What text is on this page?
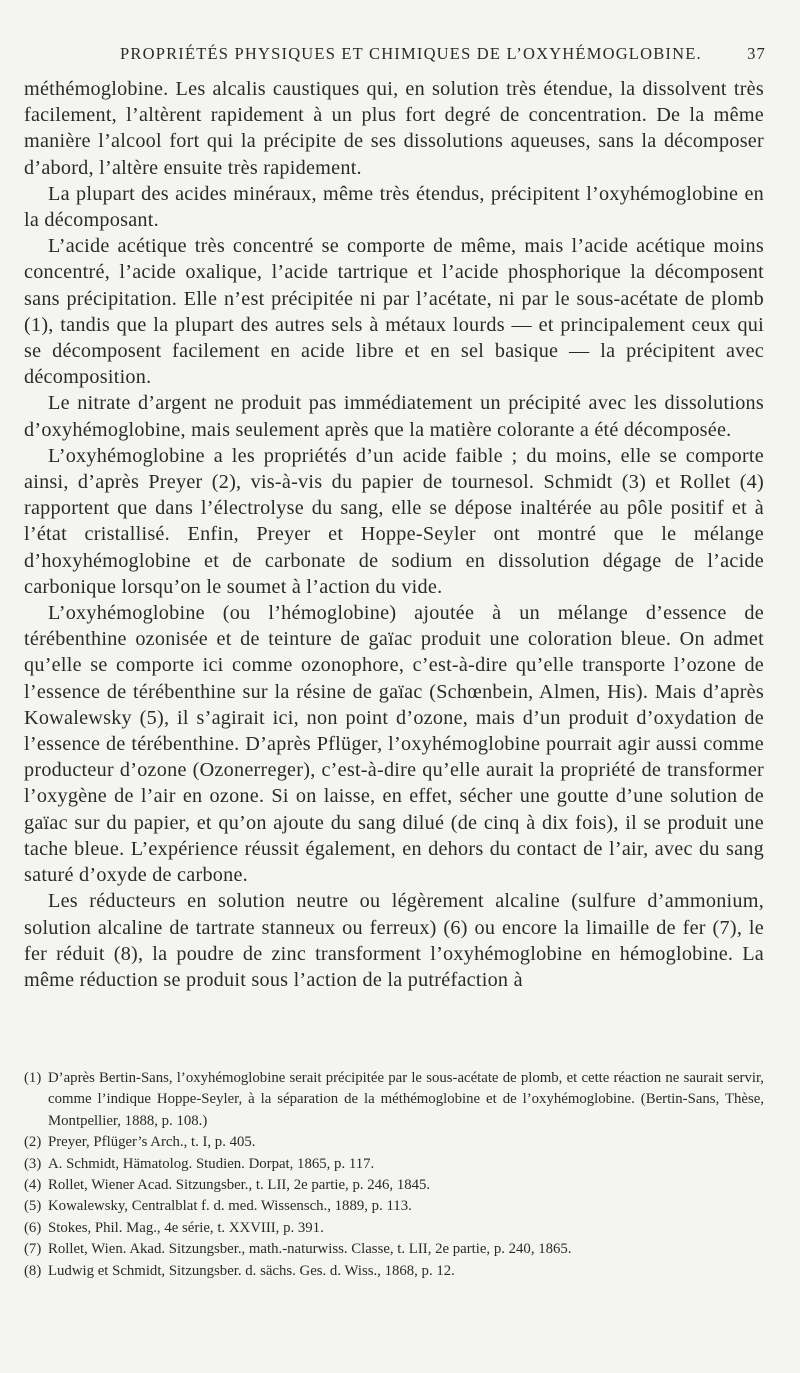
PROPRIÉTÉS PHYSIQUES ET CHIMIQUES DE L’OXYHÉMOGLOBINE.	37

méthémoglobine. Les alcalis caustiques qui, en solution très étendue, la dissolvent très facilement, l’altèrent rapidement à un plus fort degré de concentration. De la même manière l’alcool fort qui la précipite de ses dissolutions aqueuses, sans la décomposer d’abord, l’altère ensuite très rapidement.

La plupart des acides minéraux, même très étendus, précipitent l’oxyhémoglobine en la décomposant.

L’acide acétique très concentré se comporte de même, mais l’acide acétique moins concentré, l’acide oxalique, l’acide tartrique et l’acide phosphorique la décomposent sans précipitation. Elle n’est précipitée ni par l’acétate, ni par le sous-acétate de plomb (1), tandis que la plupart des autres sels à métaux lourds — et principalement ceux qui se décomposent facilement en acide libre et en sel basique — la précipitent avec décomposition.

Le nitrate d’argent ne produit pas immédiatement un précipité avec les dissolutions d’oxyhémoglobine, mais seulement après que la matière colorante a été décomposée.

L’oxyhémoglobine a les propriétés d’un acide faible ; du moins, elle se comporte ainsi, d’après Preyer (2), vis-à-vis du papier de tournesol. Schmidt (3) et Rollet (4) rapportent que dans l’électrolyse du sang, elle se dépose inaltérée au pôle positif et à l’état cristallisé. Enfin, Preyer et Hoppe-Seyler ont montré que le mélange d’hoxyhémoglobine et de carbonate de sodium en dissolution dégage de l’acide carbonique lorsqu’on le soumet à l’action du vide.

L’oxyhémoglobine (ou l’hémoglobine) ajoutée à un mélange d’essence de térébenthine ozonisée et de teinture de gaïac produit une coloration bleue. On admet qu’elle se comporte ici comme ozonophore, c’est-à-dire qu’elle transporte l’ozone de l’essence de térébenthine sur la résine de gaïac (Schœnbein, Almen, His). Mais d’après Kowalewsky (5), il s’agirait ici, non point d’ozone, mais d’un produit d’oxydation de l’essence de térébenthine. D’après Pflüger, l’oxyhémoglobine pourrait agir aussi comme producteur d’ozone (Ozonerreger), c’est-à-dire qu’elle aurait la propriété de transformer l’oxygène de l’air en ozone. Si on laisse, en effet, sécher une goutte d’une solution de gaïac sur du papier, et qu’on ajoute du sang dilué (de cinq à dix fois), il se produit une tache bleue. L’expérience réussit également, en dehors du contact de l’air, avec du sang saturé d’oxyde de carbone.

Les réducteurs en solution neutre ou légèrement alcaline (sulfure d’ammonium, solution alcaline de tartrate stanneux ou ferreux) (6) ou encore la limaille de fer (7), le fer réduit (8), la poudre de zinc transforment l’oxyhémoglobine en hémoglobine. La même réduction se produit sous l’action de la putréfaction à

(1) D’après Bertin-Sans, l’oxyhémoglobine serait précipitée par le sous-acétate de plomb, et cette réaction ne saurait servir, comme l’indique Hoppe-Seyler, à la séparation de la méthémoglobine et de l’oxyhémoglobine. (Bertin-Sans, Thèse, Montpellier, 1888, p. 108.)
(2) Preyer, Pflüger’s Arch., t. I, p. 405.
(3) A. Schmidt, Hämatolog. Studien. Dorpat, 1865, p. 117.
(4) Rollet, Wiener Acad. Sitzungsber., t. LII, 2e partie, p. 246, 1845.
(5) Kowalewsky, Centralblat f. d. med. Wissensch., 1889, p. 113.
(6) Stokes, Phil. Mag., 4e série, t. XXVIII, p. 391.
(7) Rollet, Wien. Akad. Sitzungsber., math.-naturwiss. Classe, t. LII, 2e partie, p. 240, 1865.
(8) Ludwig et Schmidt, Sitzungsber. d. sächs. Ges. d. Wiss., 1868, p. 12.
